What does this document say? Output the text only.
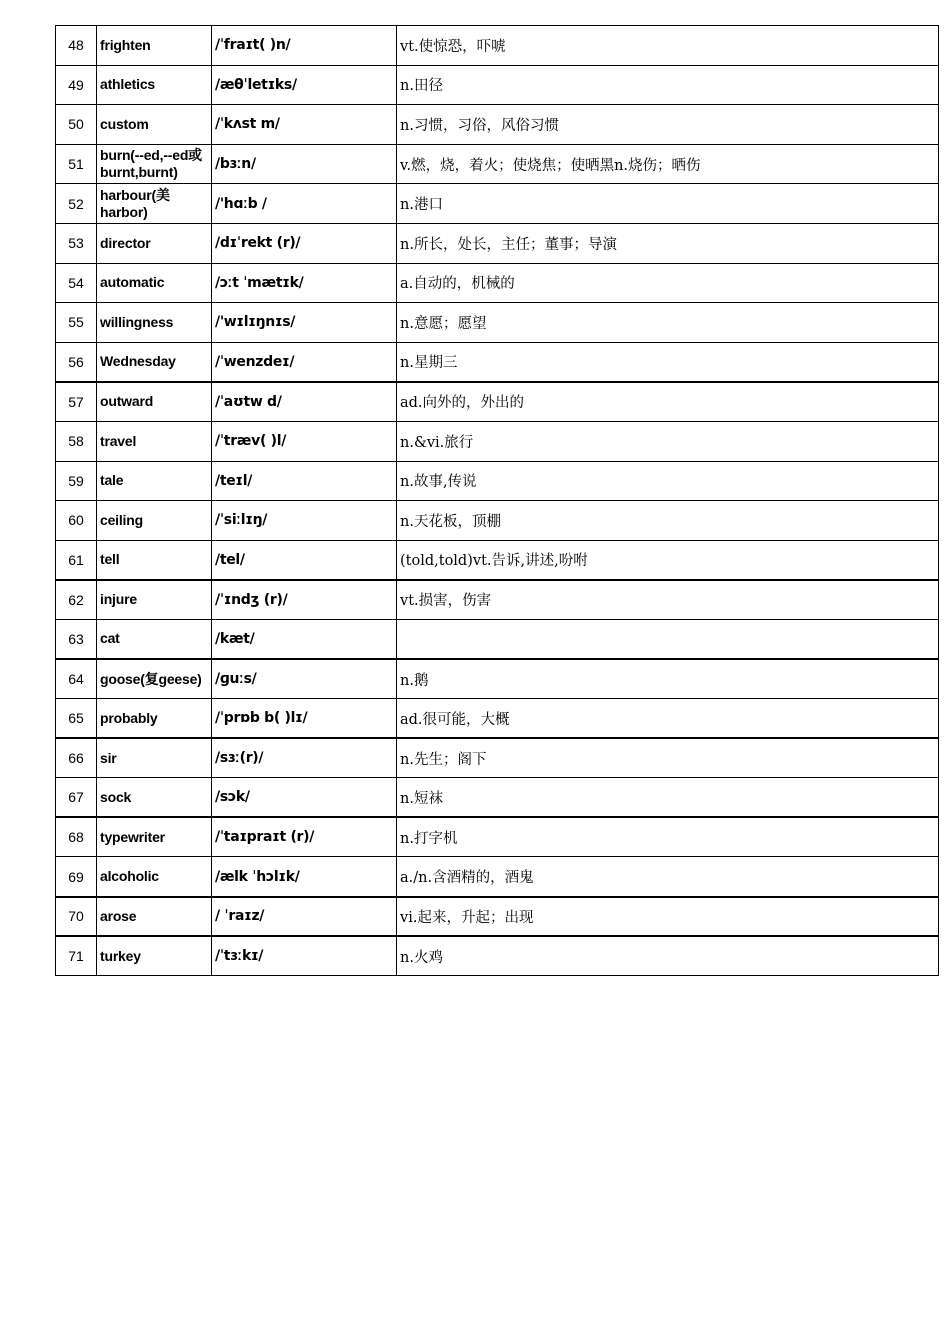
48	frighten	/ˈfraɪt( )n/	vt.使惊恐，吓唬
49	athletics	/æθˈletɪks/	n.田径
50	custom	/ˈkʌst m/	n.习惯，习俗，风俗习惯
51	burn(--ed,--ed或burnt,burnt)	/bɜːn/	v.燃，烧，着火；使烧焦；使晒黑n.烧伤；晒伤
52	harbour(美harbor)	/'hɑːb /	n.港口
53	director	/dɪˈrekt (r)/	n.所长，处长，主任；董事；导演
54	automatic	/ɔːt ˈmætɪk/	a.自动的，机械的
55	willingness	/'wɪlɪŋnɪs/	n.意愿；愿望
56	Wednesday	/ˈwenzdeɪ/	n.星期三
57	outward	/ˈaʊtw d/	ad.向外的，外出的
58	travel	/ˈtræv( )l/	n.&vi.旅行
59	tale	/teɪl/	n.故事,传说
60	ceiling	/ˈsiːlɪŋ/	n.天花板，顶棚
61	tell	/tel/	(told,told)vt.告诉,讲述,吩咐
62	injure	/ˈɪndʒ (r)/	vt.损害，伤害
63	cat	/kæt/	
64	goose(复geese)	/ɡuːs/	n.鹅
65	probably	/ˈprɒb b( )lɪ/	ad.很可能，大概
66	sir	/sɜː(r)/	n.先生；阁下
67	sock	/sɔk/	n.短袜
68	typewriter	/ˈtaɪpraɪt (r)/	n.打字机
69	alcoholic	/ælk ˈhɔlɪk/	a./n.含酒精的，酒鬼
70	arose	/ ˈraɪz/	vi.起来，升起；出现
71	turkey	/ˈtɜːkɪ/	n.火鸡
